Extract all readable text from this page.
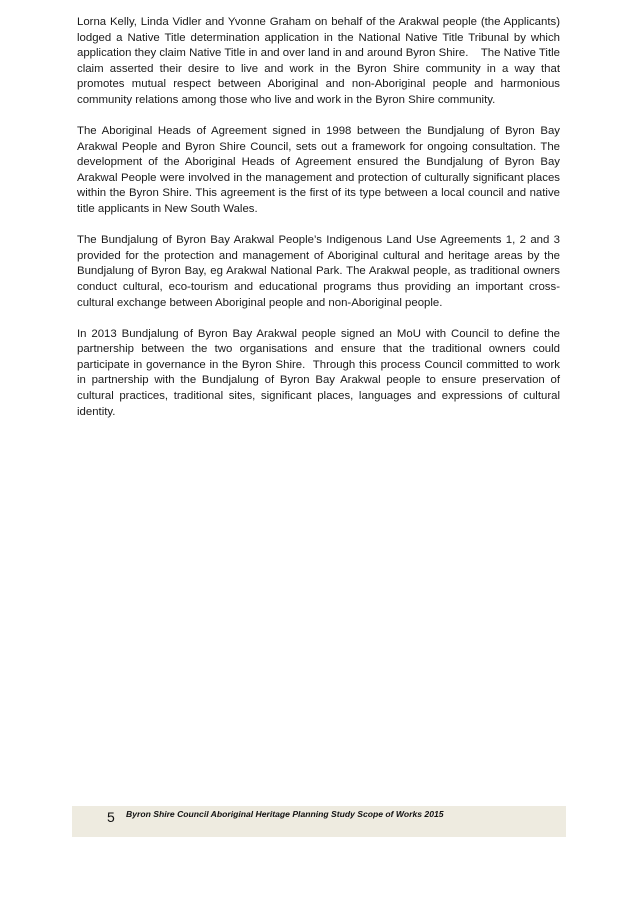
Lorna Kelly, Linda Vidler and Yvonne Graham on behalf of the Arakwal people (the Applicants) lodged a Native Title determination application in the National Native Title Tribunal by which application they claim Native Title in and over land in and around Byron Shire.    The Native Title claim asserted their desire to live and work in the Byron Shire community in a way that promotes mutual respect between Aboriginal and non-Aboriginal people and harmonious community relations among those who live and work in the Byron Shire community.

The Aboriginal Heads of Agreement signed in 1998 between the Bundjalung of Byron Bay Arakwal People and Byron Shire Council, sets out a framework for ongoing consultation. The development of the Aboriginal Heads of Agreement ensured the Bundjalung of Byron Bay Arakwal People were involved in the management and protection of culturally significant places within the Byron Shire. This agreement is the first of its type between a local council and native title applicants in New South Wales.

The Bundjalung of Byron Bay Arakwal People’s Indigenous Land Use Agreements 1, 2 and 3 provided for the protection and management of Aboriginal cultural and heritage areas by the Bundjalung of Byron Bay, eg Arakwal National Park. The Arakwal people, as traditional owners conduct cultural, eco-tourism and educational programs thus providing an important cross-cultural exchange between Aboriginal people and non-Aboriginal people.

In 2013 Bundjalung of Byron Bay Arakwal people signed an MoU with Council to define the partnership between the two organisations and ensure that the traditional owners could participate in governance in the Byron Shire.  Through this process Council committed to work in partnership with the Bundjalung of Byron Bay Arakwal people to ensure preservation of cultural practices, traditional sites, significant places, languages and expressions of cultural identity.

5 Byron Shire Council Aboriginal Heritage Planning Study Scope of Works 2015
